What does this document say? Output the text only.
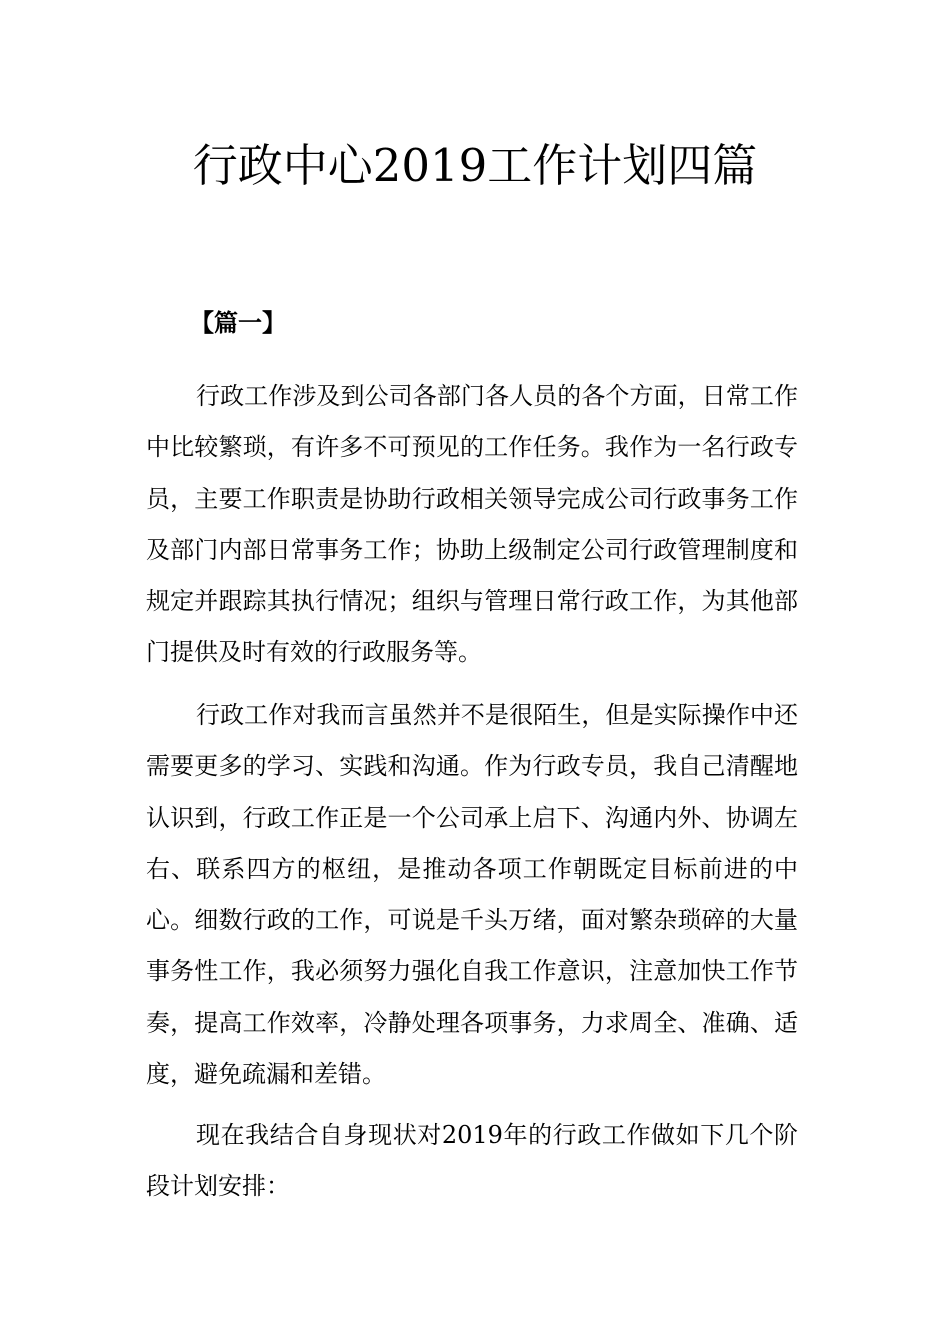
行政中心2019工作计划四篇
【篇一】

行政工作涉及到公司各部门各人员的各个方面，日常工作中比较繁琐，有许多不可预见的工作任务。我作为一名行政专员，主要工作职责是协助行政相关领导完成公司行政事务工作及部门内部日常事务工作；协助上级制定公司行政管理制度和规定并跟踪其执行情况；组织与管理日常行政工作，为其他部门提供及时有效的行政服务等。

行政工作对我而言虽然并不是很陌生，但是实际操作中还需要更多的学习、实践和沟通。作为行政专员，我自己清醒地认识到，行政工作正是一个公司承上启下、沟通内外、协调左右、联系四方的枢纽，是推动各项工作朝既定目标前进的中心。细数行政的工作，可说是千头万绪，面对繁杂琐碎的大量事务性工作，我必须努力强化自我工作意识，注意加快工作节奏，提高工作效率，冷静处理各项事务，力求周全、准确、适度，避免疏漏和差错。

现在我结合自身现状对2019年的行政工作做如下几个阶段计划安排：
